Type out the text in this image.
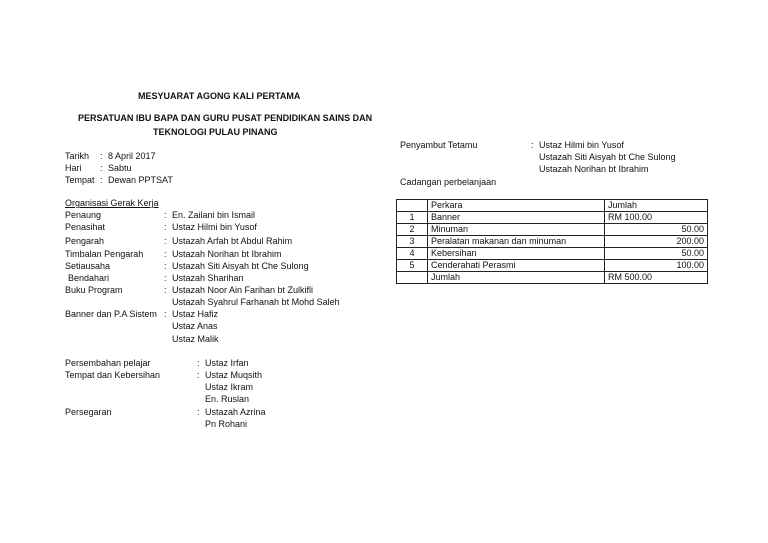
MESYUARAT AGONG KALI PERTAMA
PERSATUAN IBU BAPA DAN GURU PUSAT PENDIDIKAN SAINS DAN
TEKNOLOGI PULAU PINANG
Tarikh : 8 April 2017
Hari : Sabtu
Tempat : Dewan PPTSAT
Organisasi Gerak Kerja
Penaung	: En. Zailani bin Ismail
Penasihat	: Ustaz Hilmi bin Yusof
Pengarah	: Ustazah Arfah bt Abdul Rahim
Timbalan Pengarah : Ustazah Norihan bt Ibrahim
Setiausaha	: Ustazah Siti Aisyah bt Che Sulong
Bendahari	: Ustazah Sharihan
Buku Program	: Ustazah Noor Ain Farihan bt Zulkifli
Ustazah Syahrul Farhanah bt Mohd Saleh
Banner dan P.A Sistem : Ustaz Hafiz
Ustaz Anas
Ustaz Malik
Persembahan pelajar	: Ustaz Irfan
Tempat dan Kebersihan	: Ustaz Muqsith
Ustaz Ikram
En. Ruslan
Persegaran	: Ustazah Azrina
Pn Rohani
Penyambut Tetamu	: Ustaz Hilmi bin Yusof
Ustazah Siti Aisyah bt Che Sulong
Ustazah Norihan bt Ibrahim
Cadangan perbelanjaan
	Perkara	Jumlah
1	Banner	RM 100.00
2	Minuman	50.00
3	Peralatan makanan dan minuman	200.00
4	Kebersihan	50.00
5	Cenderahati Perasmi	100.00
	Jumlah	RM 500.00
